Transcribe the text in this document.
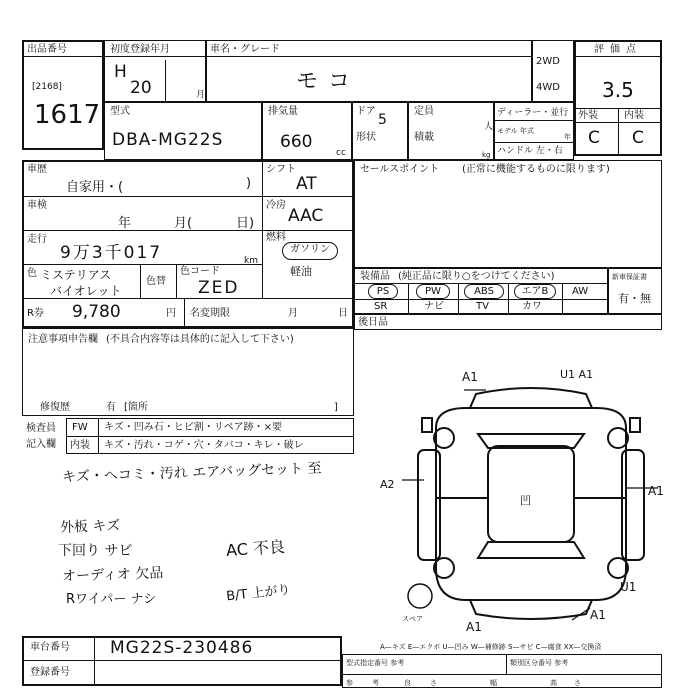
出品番号
[2168]
1617
初度登録年月
H
20	月
車名・グレード
モコ
2WD
4WD
評価点
3.5
型式
DBA-MG22S
排気量
660
cc
ドア
5
形状
定員
人
積載
kg
ディーラー・並行
モデル 年式
年
ハンドル 左・右
外装	内装
C C
車歴
自家用・(	)
シフト
AT
車検
年	月(	日)
冷房
AAC
走行
9万3千017	km
燃料
ガソリン
軽油
色 ミステリアス
バイオレット
色替
色コード
ZED
R券 9,780	円 名変期限	月	日
セールスポイント (正常に機能するものに限ります)
装備品 (純正品に限り○をつけてください)
PS	PW	ABS	エアB	AW
SR	ナビ	TV	カワ
新車保証書
有・無
後日品
注意事項申告欄 (不具合内容等は具体的に記入して下さい)
修復歴	有 [箇所	]
検査員
記入欄
FW キズ・凹み石・ヒビ割・リペア跡・×要
内装 キズ・汚れ・コゲ・穴・タバコ・キレ・破レ
キズ・ヘコミ・汚れ エアバッグセット 至
外板 キズ
下回り サビ	AC 不良
オーディオ 欠品
Rワイパー ナシ	B/T 上がり
A1	U1 A1
A2	A1
凹
U1
A1
A1
スペア
車台番号 MG22S-230486
登録番号
A—キズ E—エクボ U—凹み W—補修跡 S—サビ C—腐食 XX—交換済
型式指定番号 参考	類別区分番号 参考
参	考	良	さ	幅	高 さ
